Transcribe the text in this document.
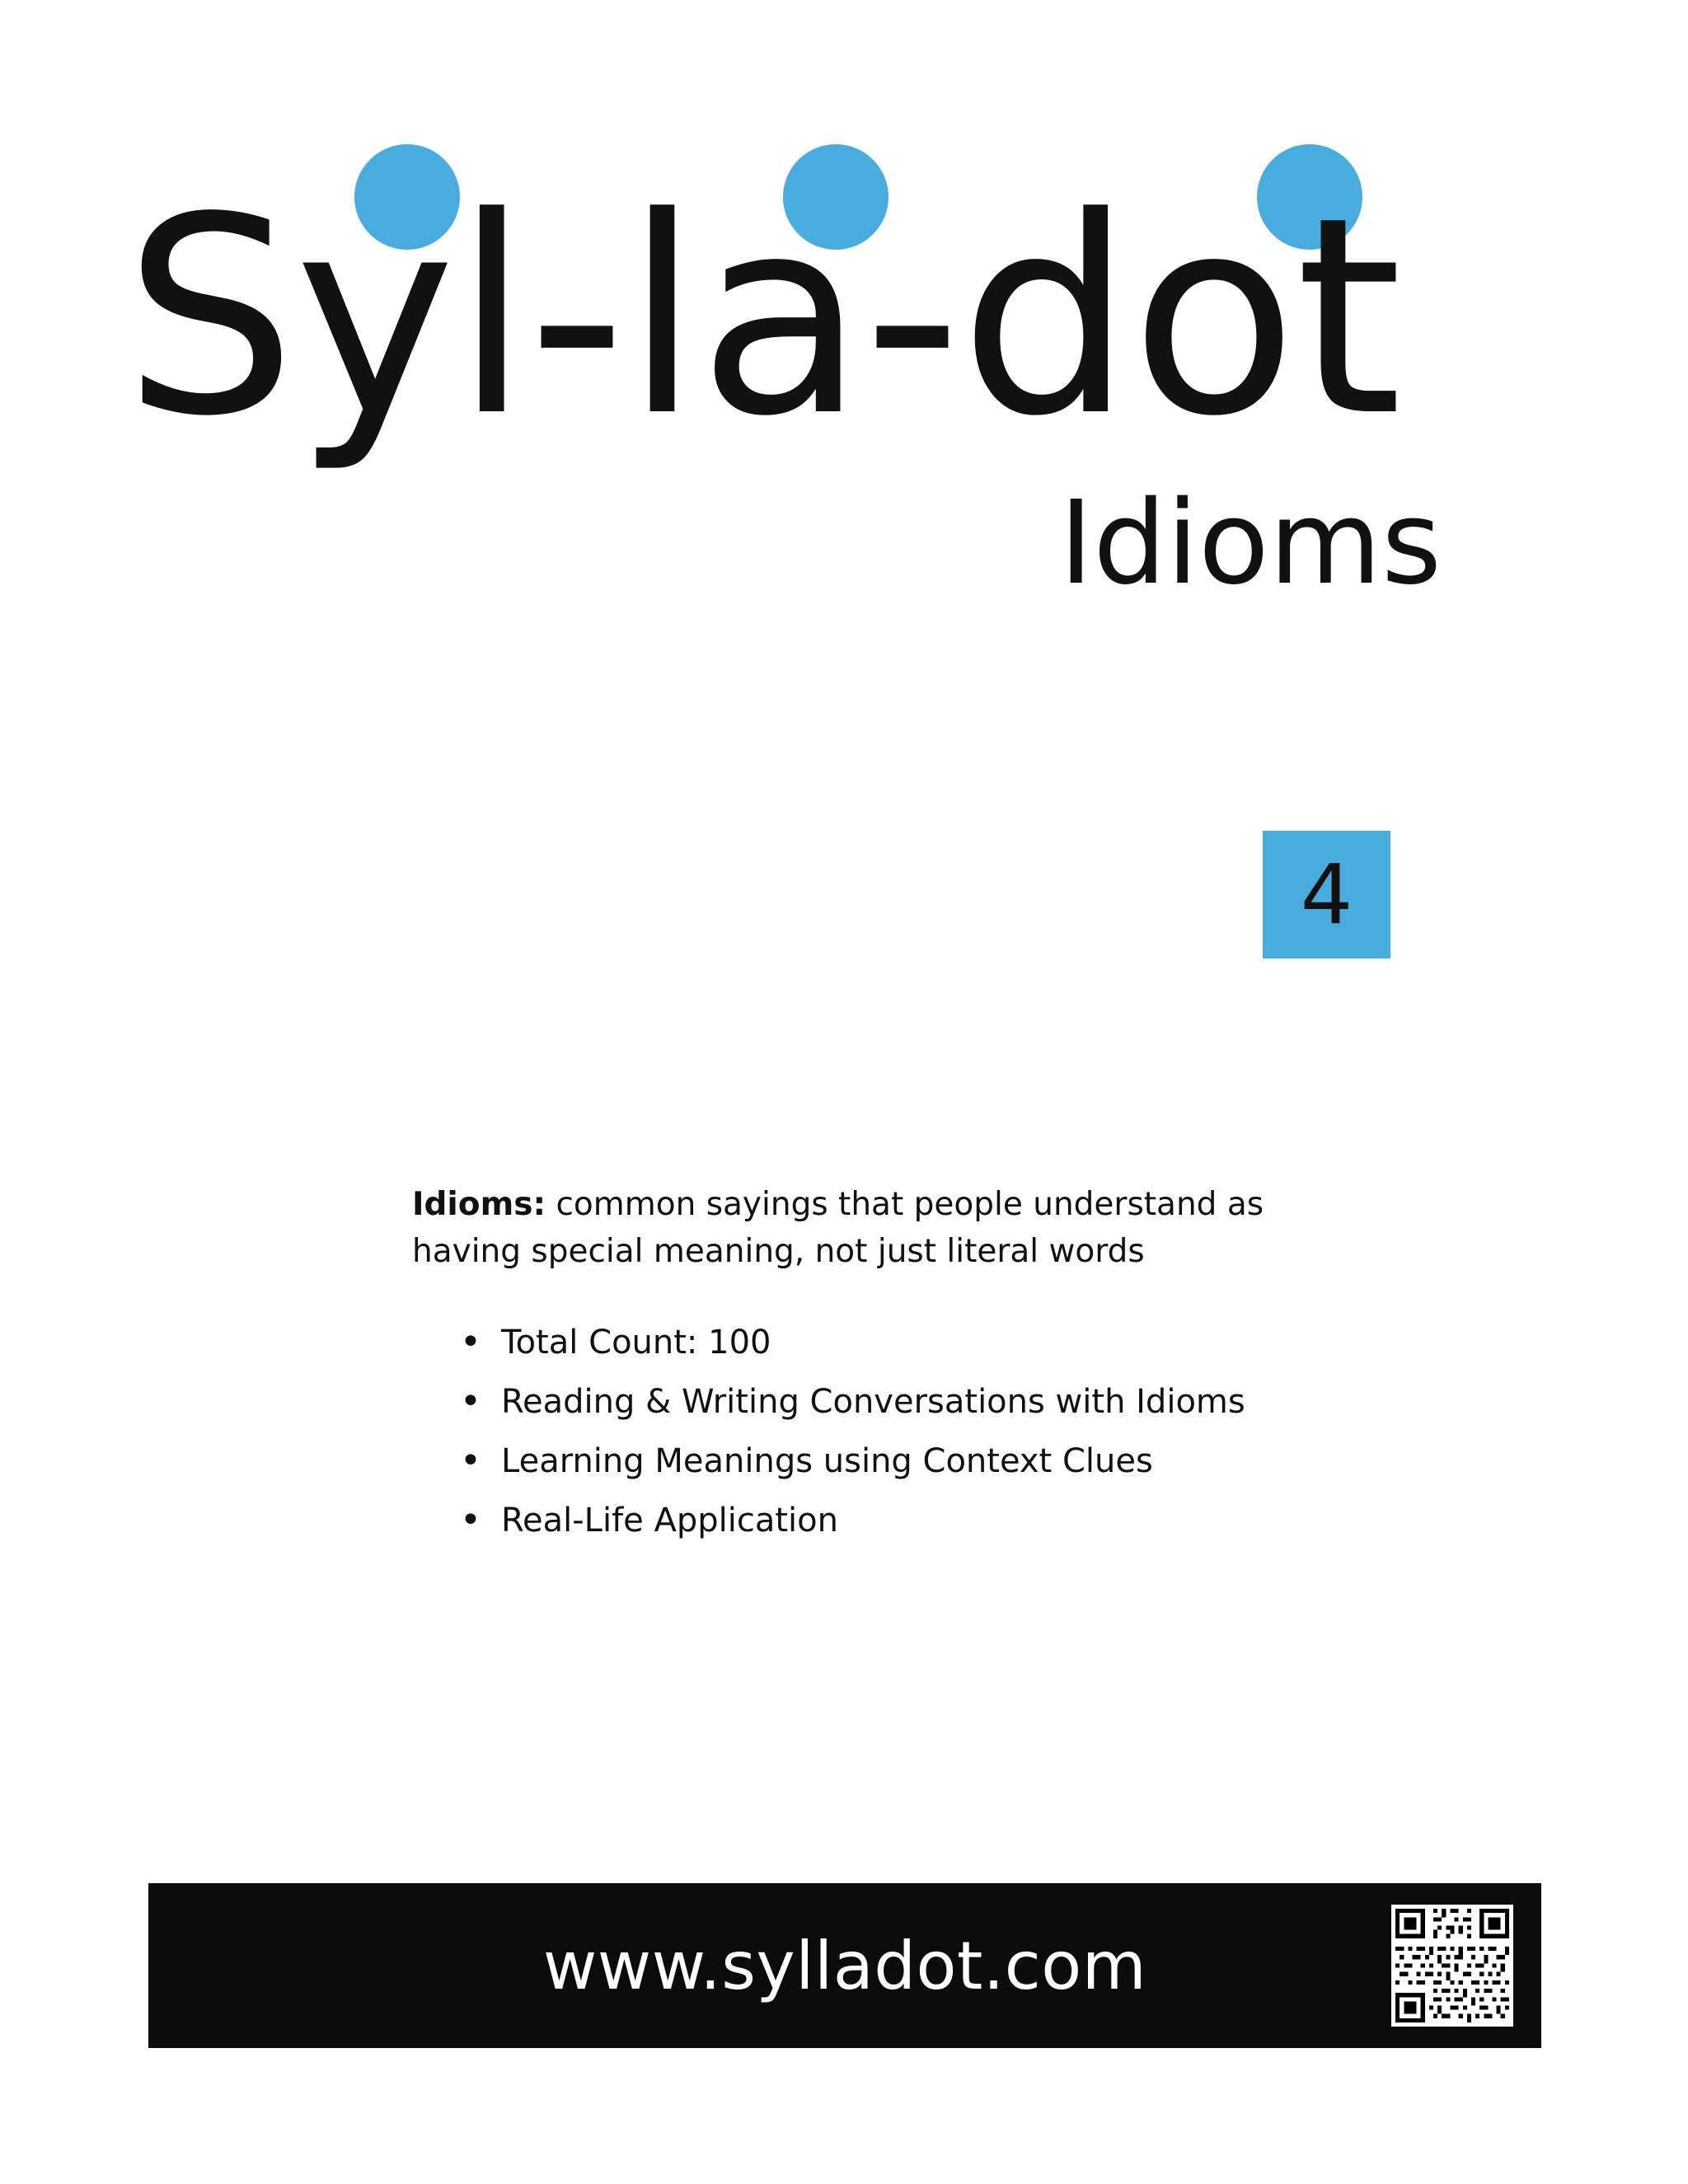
Syl-la-dot
Idioms
4

Idioms: common sayings that people understand as having special meaning, not just literal words

• Total Count: 100
• Reading & Writing Conversations with Idioms
• Learning Meanings using Context Clues
• Real-Life Application
www.sylladot.com
